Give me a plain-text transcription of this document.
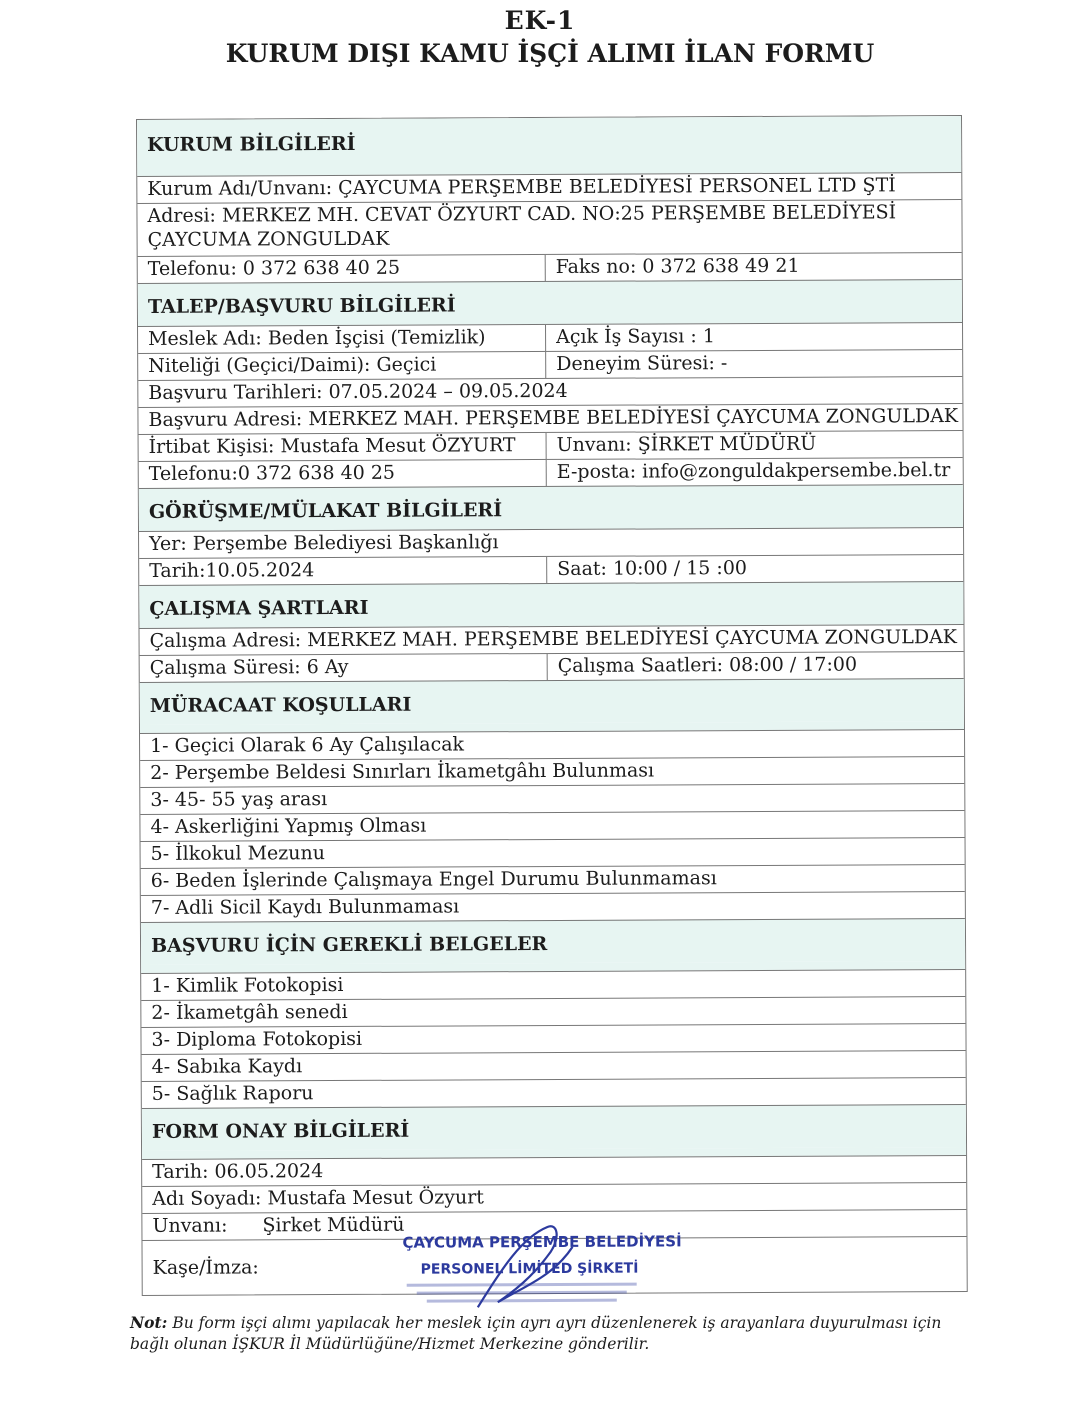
EK-1
KURUM DIŞI KAMU İŞÇİ ALIMI İLAN FORMU
KURUM BİLGİLERİ
Kurum Adı/Unvanı: ÇAYCUMA PERŞEMBE BELEDİYESİ PERSONEL LTD ŞTİ
Adresi: MERKEZ MH. CEVAT ÖZYURT CAD. NO:25 PERŞEMBE BELEDİYESİ ÇAYCUMA ZONGULDAK
Telefonu: 0 372 638 40 25	Faks no: 0 372 638 49 21
TALEP/BAŞVURU BİLGİLERİ
Meslek Adı: Beden İşçisi (Temizlik)	Açık İş Sayısı : 1
Niteliği (Geçici/Daimi): Geçici	Deneyim Süresi: -
Başvuru Tarihleri: 07.05.2024 – 09.05.2024
Başvuru Adresi: MERKEZ MAH. PERŞEMBE BELEDİYESİ ÇAYCUMA ZONGULDAK
İrtibat Kişisi: Mustafa Mesut ÖZYURT	Unvanı: ŞİRKET MÜDÜRÜ
Telefonu:0 372 638 40 25	E-posta: info@zonguldakpersembe.bel.tr
GÖRÜŞME/MÜLAKAT BİLGİLERİ
Yer: Perşembe Belediyesi Başkanlığı
Tarih:10.05.2024	Saat: 10:00 / 15 :00
ÇALIŞMA ŞARTLARI
Çalışma Adresi: MERKEZ MAH. PERŞEMBE BELEDİYESİ ÇAYCUMA ZONGULDAK
Çalışma Süresi: 6 Ay	Çalışma Saatleri: 08:00 / 17:00
MÜRACAAT KOŞULLARI
1- Geçici Olarak 6 Ay Çalışılacak
2- Perşembe Beldesi Sınırları İkametgâhı Bulunması
3- 45- 55 yaş arası
4- Askerliğini Yapmış Olması
5- İlkokul Mezunu
6- Beden İşlerinde Çalışmaya Engel Durumu Bulunmaması
7- Adli Sicil Kaydı Bulunmaması
BAŞVURU İÇİN GEREKLİ BELGELER
1- Kimlik Fotokopisi
2- İkametgâh senedi
3- Diploma Fotokopisi
4- Sabıka Kaydı
5- Sağlık Raporu
FORM ONAY BİLGİLERİ
Tarih: 06.05.2024
Adı Soyadı: Mustafa Mesut Özyurt
Unvanı:	Şirket Müdürü
Kaşe/İmza:
ÇAYCUMA PERŞEMBE BELEDİYESİ
PERSONEL LİMİTED ŞİRKETİ
Not: Bu form işçi alımı yapılacak her meslek için ayrı ayrı düzenlenerek iş arayanlara duyurulması için bağlı olunan İŞKUR İl Müdürlüğüne/Hizmet Merkezine gönderilir.
